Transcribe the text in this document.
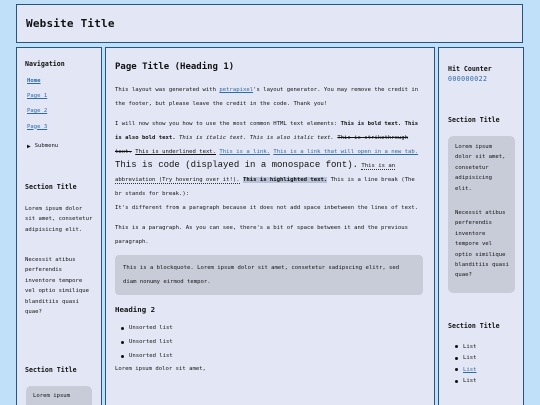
Website Title
Navigation
Home
Page 1
Page 2
Page 3
▶ Submenu
Section Title

Lorem ipsum dolor sit amet, consetetur adipisicing elit.

Necessit atibus perferendis inventore tempore vel optio similique blanditiis quasi quae?

Section Title
Lorem ipsum
Page Title (Heading 1)

This layout was generated with petrapixel's layout generator. You may remove the credit in the footer, but please leave the credit in the code. Thank you!

I will now show you how to use the most common HTML text elements: This is bold text. This is also bold text. This is italic text. This is also italic text. This is strikethrough text. This is underlined text. This is a link. This is a link that will open in a new tab. This is code (displayed in a monospace font). This is an abbreviation (Try hovering over it!). This is highlighted text. This is a line break (The br stands for break.):
It's different from a paragraph because it does not add space inbetween the lines of text.

This is a paragraph. As you can see, there's a bit of space between it and the previous paragraph.

This is a blockquote. Lorem ipsum dolor sit amet, consetetur sadipscing elitr, sed diam nonumy eirmod tempor.
Heading 2
Unsorted list
Unsorted list
Unsorted list

Lorem ipsum dolor sit amet,

Hit Counter
000000022
Section Title

Lorem ipsum dolor sit amet, consetetur adipisicing elit.

Necessit atibus perferendis inventore tempore vel optio similique blanditiis quasi quae?

Section Title
List
List
List
List
